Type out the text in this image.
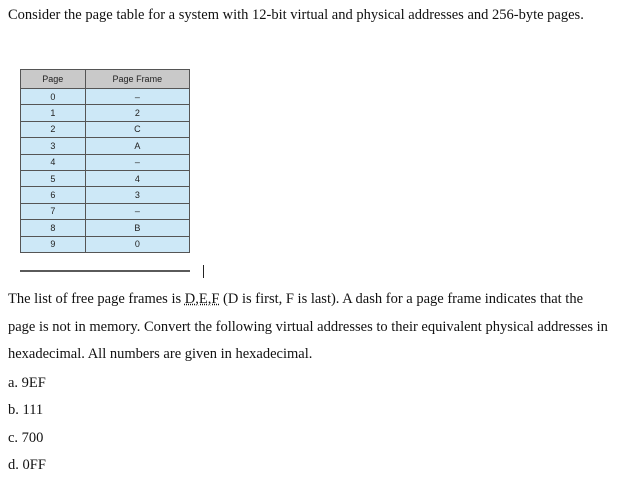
Consider the page table for a system with 12-bit virtual and physical addresses and 256-byte pages.

Page	Page Frame
0	–
1	2
2	C
3	A
4	–
5	4
6	3
7	–
8	B
9	0

The list of free page frames is D,E,F (D is first, F is last). A dash for a page frame indicates that the page is not in memory. Convert the following virtual addresses to their equivalent physical addresses in hexadecimal. All numbers are given in hexadecimal.

a. 9EF

b. 111

c. 700

d. 0FF
